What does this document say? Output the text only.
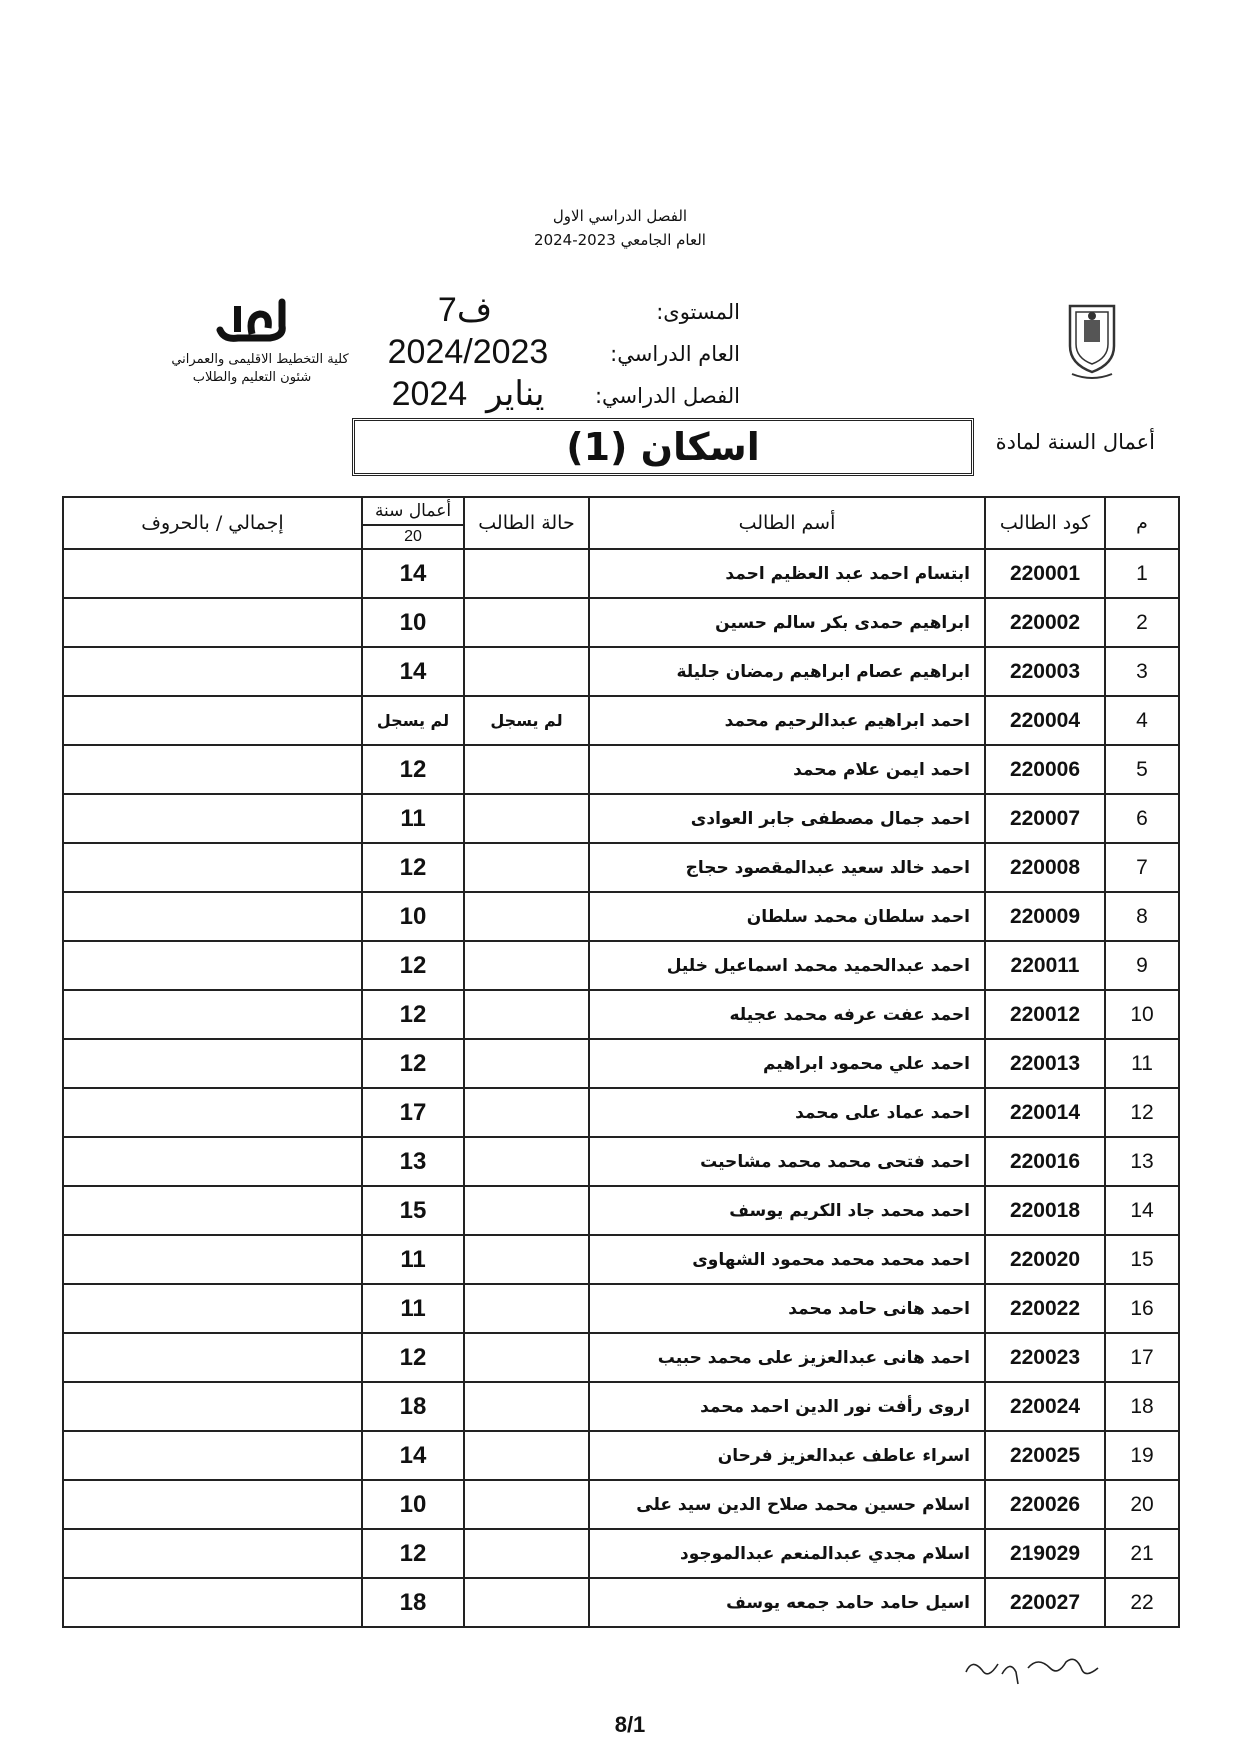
الفصل الدراسي الاول
العام الجامعي 2023-2024
المستوى:
ف7
العام الدراسي:
2024/2023
الفصل الدراسي:
يناير  2024
كلية التخطيط الاقليمى والعمراني
شئون التعليم والطلاب
أعمال السنة لمادة
اسكان (1)
م	كود الطالب	أسم الطالب	حالة الطالب	أعمال سنة
20	إجمالي / بالحروف
1	220001	ابتسام احمد عبد العظيم احمد		14	
2	220002	ابراهيم حمدى بكر سالم حسين		10	
3	220003	ابراهيم عصام ابراهيم رمضان جليلة		14	
4	220004	احمد ابراهيم عبدالرحيم محمد	لم يسجل	لم يسجل	
5	220006	احمد ايمن علام محمد		12	
6	220007	احمد جمال مصطفى جابر العوادى		11	
7	220008	احمد خالد سعيد عبدالمقصود حجاج		12	
8	220009	احمد سلطان محمد سلطان		10	
9	220011	احمد عبدالحميد محمد اسماعيل خليل		12	
10	220012	احمد عفت عرفه محمد عجيله		12	
11	220013	احمد علي محمود ابراهيم		12	
12	220014	احمد عماد على محمد		17	
13	220016	احمد فتحى محمد محمد مشاحيت		13	
14	220018	احمد محمد جاد الكريم يوسف		15	
15	220020	احمد محمد محمد محمود الشهاوى		11	
16	220022	احمد هانى حامد محمد		11	
17	220023	احمد هانى عبدالعزيز على محمد حبيب		12	
18	220024	اروى رأفت نور الدين احمد محمد		18	
19	220025	اسراء عاطف عبدالعزيز فرحان		14	
20	220026	اسلام حسين محمد صلاح الدين سيد على		10	
21	219029	اسلام مجدي عبدالمنعم عبدالموجود		12	
22	220027	اسيل حامد حامد جمعه يوسف		18	
8/1
